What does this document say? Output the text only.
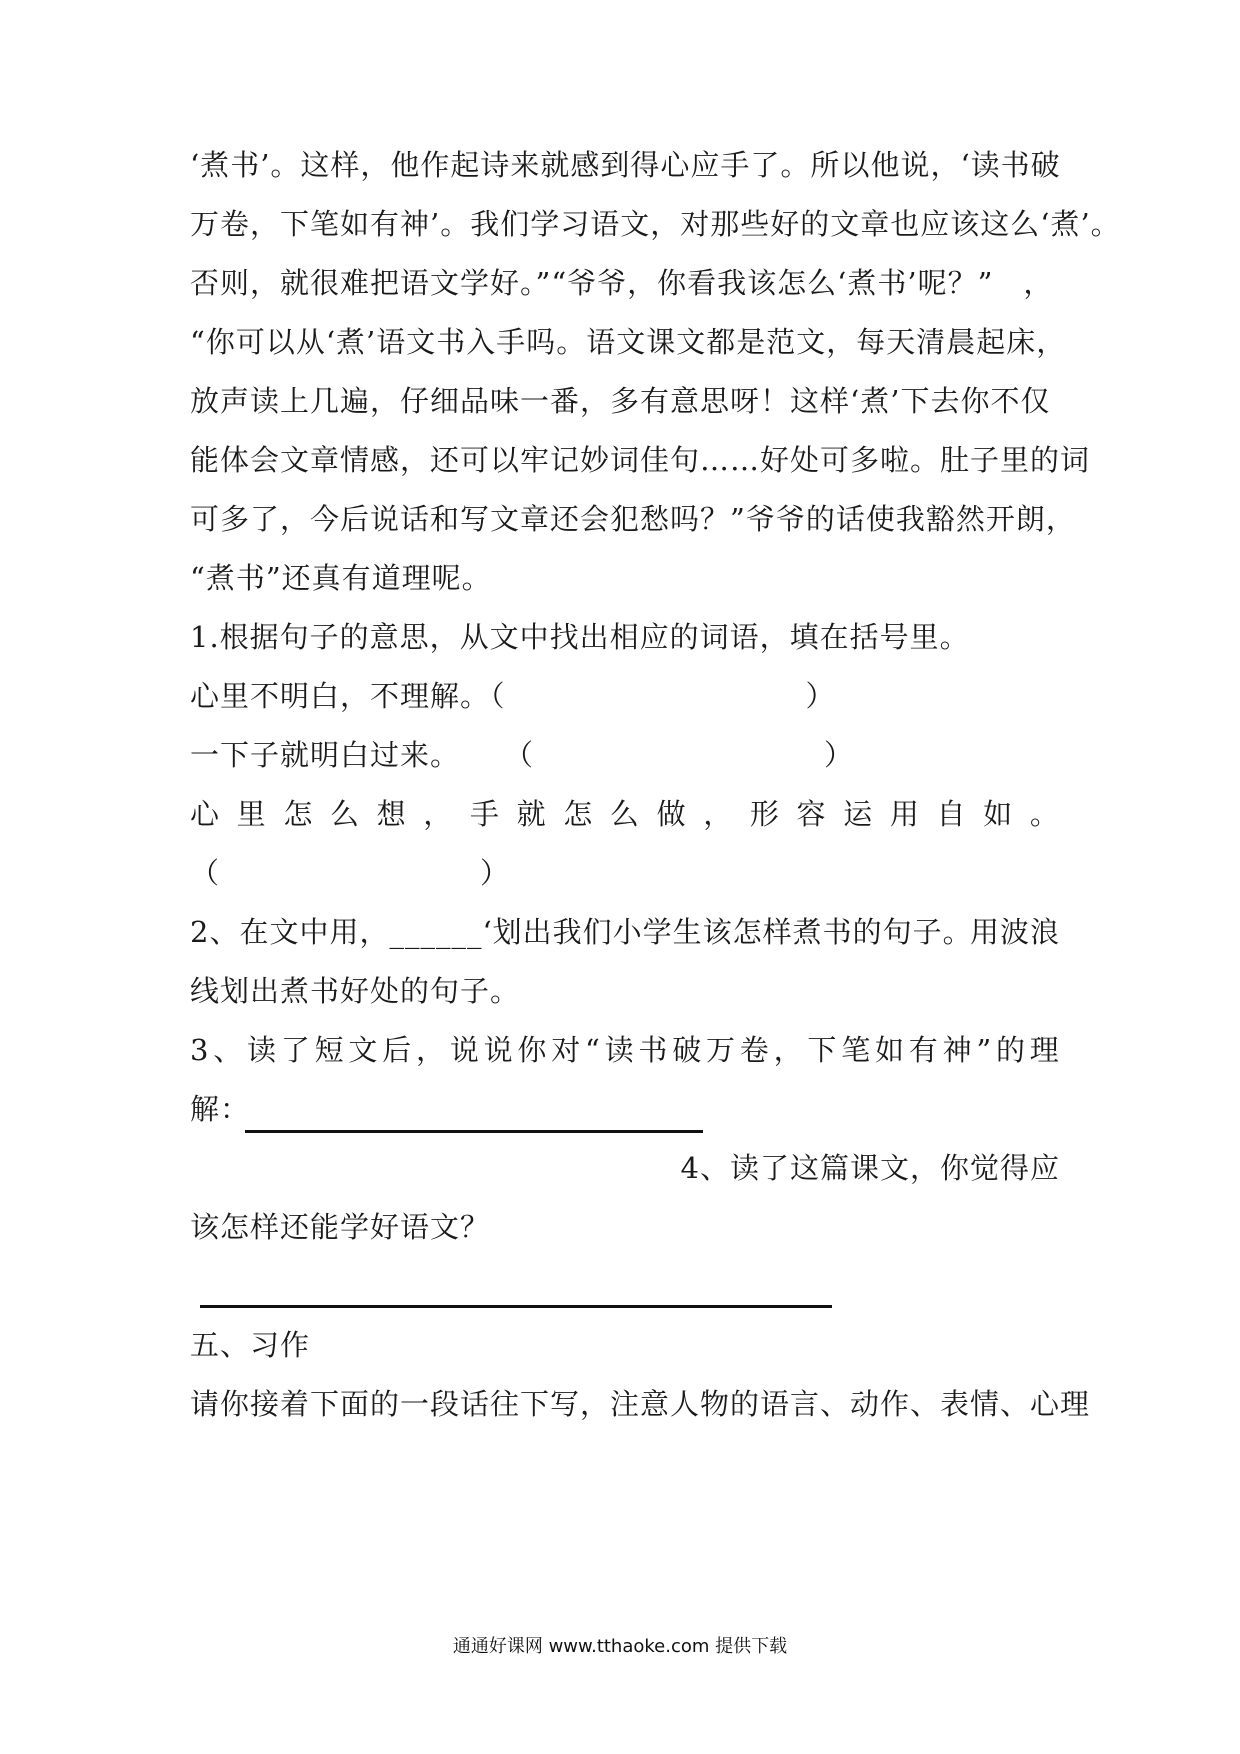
‘煮书’。这样，他作起诗来就感到得心应手了。所以他说，‘读书破
万卷，下笔如有神’。我们学习语文，对那些好的文章也应该这么‘煮’。
否则，就很难把语文学好。”“爷爷，你看我该怎么‘煮书’呢？”　，
“你可以从‘煮’语文书入手吗。语文课文都是范文，每天清晨起床，
放声读上几遍，仔细品味一番，多有意思呀！这样‘煮’下去你不仅
能体会文章情感，还可以牢记妙词佳句……好处可多啦。肚子里的词
可多了，今后说话和写文章还会犯愁吗？”爷爷的话使我豁然开朗，
“煮书”还真有道理呢。
1.根据句子的意思，从文中找出相应的词语，填在括号里。
心里不明白，不理解。（	）
一下子就明白过来。 （	）
心 里 怎 么 想 ， 手 就 怎 么 做 ， 形 容 运 用 自 如 。
（	）
2、在文中用，______‘划出我们小学生该怎样煮书的句子。
用波浪
线划出煮书好处的句子。
3 、 读 了 短 文 后 ， 说 说 你 对 “ 读 书 破 万 卷 ， 下 笔 如 有 神 ” 的 理
解：
4、读了这篇课文，你觉得应
该怎样还能学好语文？
五、习作
请你接着下面的一段话往下写，注意人物的语言、动作、表情、心理
通通好课网 www.tthaoke.com 提供下载
